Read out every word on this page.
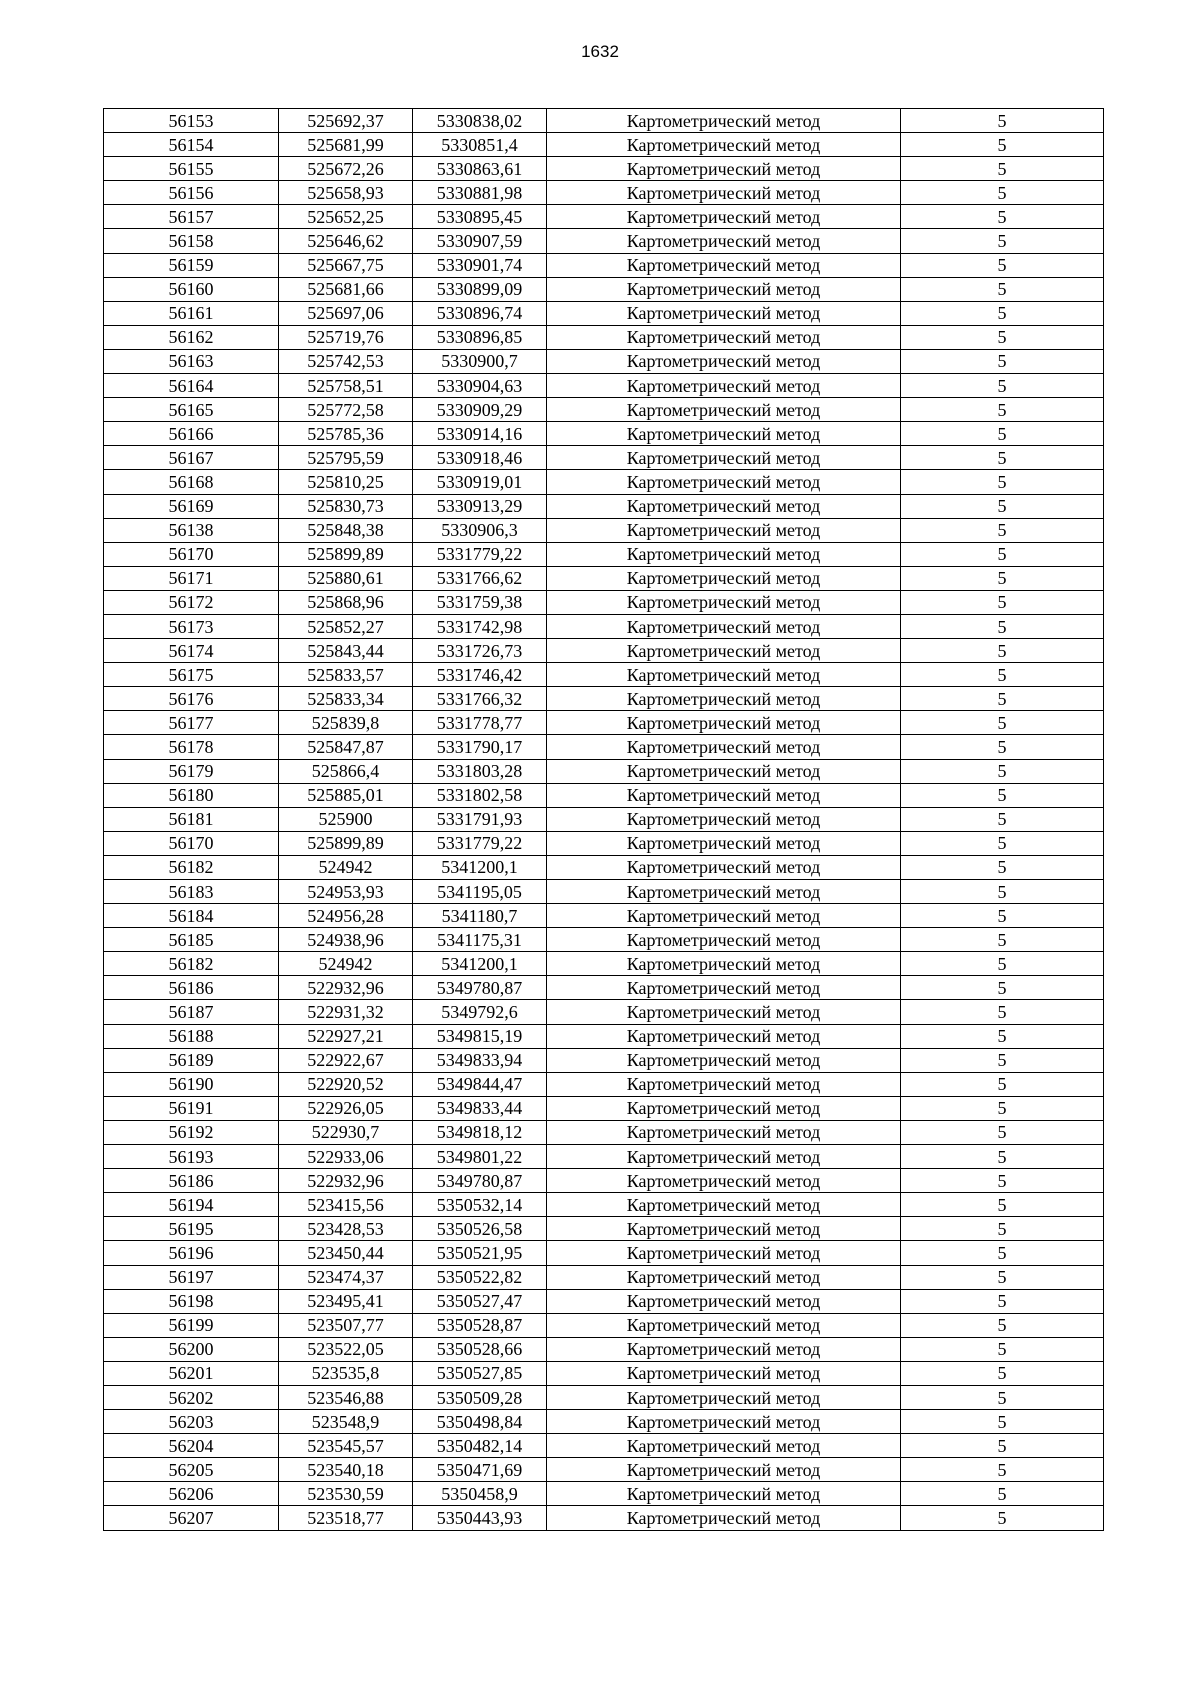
1632
56153	525692,37	5330838,02	Картометрический метод	5
56154	525681,99	5330851,4	Картометрический метод	5
56155	525672,26	5330863,61	Картометрический метод	5
56156	525658,93	5330881,98	Картометрический метод	5
56157	525652,25	5330895,45	Картометрический метод	5
56158	525646,62	5330907,59	Картометрический метод	5
56159	525667,75	5330901,74	Картометрический метод	5
56160	525681,66	5330899,09	Картометрический метод	5
56161	525697,06	5330896,74	Картометрический метод	5
56162	525719,76	5330896,85	Картометрический метод	5
56163	525742,53	5330900,7	Картометрический метод	5
56164	525758,51	5330904,63	Картометрический метод	5
56165	525772,58	5330909,29	Картометрический метод	5
56166	525785,36	5330914,16	Картометрический метод	5
56167	525795,59	5330918,46	Картометрический метод	5
56168	525810,25	5330919,01	Картометрический метод	5
56169	525830,73	5330913,29	Картометрический метод	5
56138	525848,38	5330906,3	Картометрический метод	5
56170	525899,89	5331779,22	Картометрический метод	5
56171	525880,61	5331766,62	Картометрический метод	5
56172	525868,96	5331759,38	Картометрический метод	5
56173	525852,27	5331742,98	Картометрический метод	5
56174	525843,44	5331726,73	Картометрический метод	5
56175	525833,57	5331746,42	Картометрический метод	5
56176	525833,34	5331766,32	Картометрический метод	5
56177	525839,8	5331778,77	Картометрический метод	5
56178	525847,87	5331790,17	Картометрический метод	5
56179	525866,4	5331803,28	Картометрический метод	5
56180	525885,01	5331802,58	Картометрический метод	5
56181	525900	5331791,93	Картометрический метод	5
56170	525899,89	5331779,22	Картометрический метод	5
56182	524942	5341200,1	Картометрический метод	5
56183	524953,93	5341195,05	Картометрический метод	5
56184	524956,28	5341180,7	Картометрический метод	5
56185	524938,96	5341175,31	Картометрический метод	5
56182	524942	5341200,1	Картометрический метод	5
56186	522932,96	5349780,87	Картометрический метод	5
56187	522931,32	5349792,6	Картометрический метод	5
56188	522927,21	5349815,19	Картометрический метод	5
56189	522922,67	5349833,94	Картометрический метод	5
56190	522920,52	5349844,47	Картометрический метод	5
56191	522926,05	5349833,44	Картометрический метод	5
56192	522930,7	5349818,12	Картометрический метод	5
56193	522933,06	5349801,22	Картометрический метод	5
56186	522932,96	5349780,87	Картометрический метод	5
56194	523415,56	5350532,14	Картометрический метод	5
56195	523428,53	5350526,58	Картометрический метод	5
56196	523450,44	5350521,95	Картометрический метод	5
56197	523474,37	5350522,82	Картометрический метод	5
56198	523495,41	5350527,47	Картометрический метод	5
56199	523507,77	5350528,87	Картометрический метод	5
56200	523522,05	5350528,66	Картометрический метод	5
56201	523535,8	5350527,85	Картометрический метод	5
56202	523546,88	5350509,28	Картометрический метод	5
56203	523548,9	5350498,84	Картометрический метод	5
56204	523545,57	5350482,14	Картометрический метод	5
56205	523540,18	5350471,69	Картометрический метод	5
56206	523530,59	5350458,9	Картометрический метод	5
56207	523518,77	5350443,93	Картометрический метод	5
